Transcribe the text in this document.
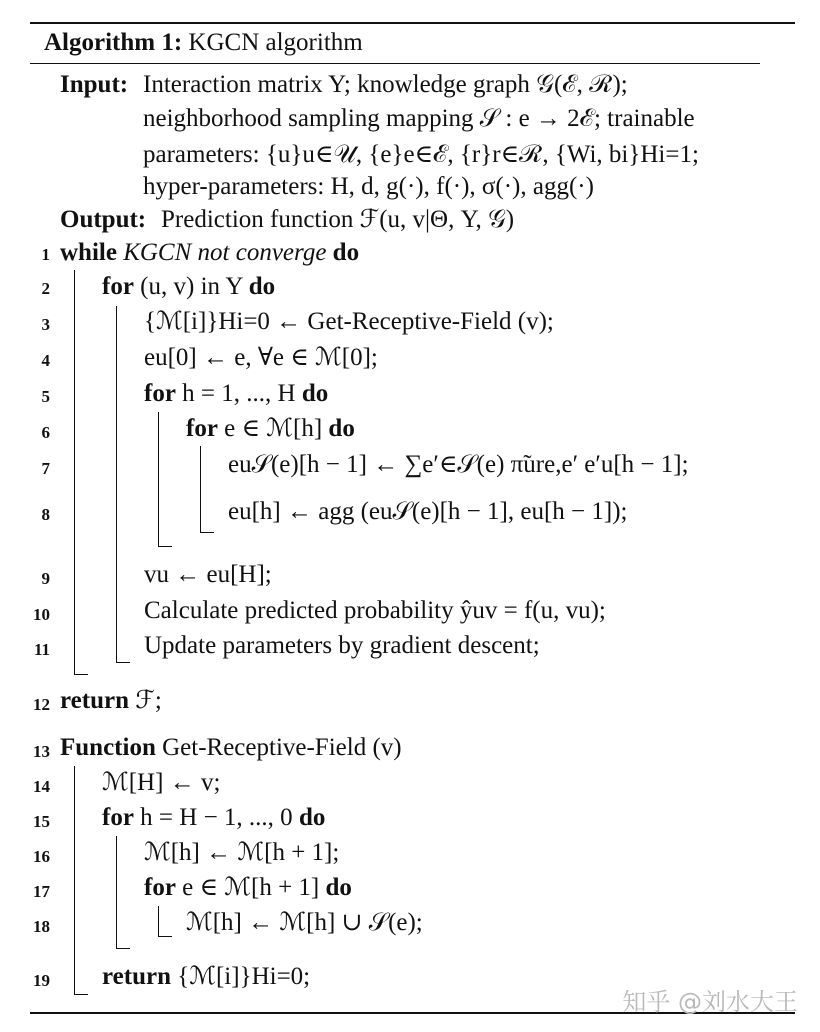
Algorithm 1: KGCN algorithm
Input: Interaction matrix Y; knowledge graph 𝒢(ℰ, ℛ);
neighborhood sampling mapping 𝒮 : e → 2ℰ; trainable
parameters: {u}u∈𝒰, {e}e∈ℰ, {r}r∈ℛ, {Wi, bi}Hi=1;
hyper-parameters: H, d, g(·), f(·), σ(·), agg(·)
Output: Prediction function ℱ(u, v|Θ, Y, 𝒢)
1 while KGCN not converge do
2 for (u, v) in Y do
3	{ℳ[i]}Hi=0 ← Get-Receptive-Field (v);
4	eu[0] ← e, ∀e ∈ ℳ[0];
5	for h = 1, ..., H do
6	for e ∈ ℳ[h] do
7	eu𝒮(e)[h − 1] ← ∑e′∈𝒮(e) π̃ure,e′ e′u[h − 1];
8	eu[h] ← agg (eu𝒮(e)[h − 1], eu[h − 1]);
9	vu ← eu[H];
10	Calculate predicted probability ŷuv = f(u, vu);
11	Update parameters by gradient descent;
12 return ℱ;
13 Function Get-Receptive-Field (v)
14 ℳ[H] ← v;
15 for h = H − 1, ..., 0 do
16	ℳ[h] ← ℳ[h + 1];
17	for e ∈ ℳ[h + 1] do
18	ℳ[h] ← ℳ[h] ∪ 𝒮(e);
19 return {ℳ[i]}Hi=0;
知乎 @刘水大王
